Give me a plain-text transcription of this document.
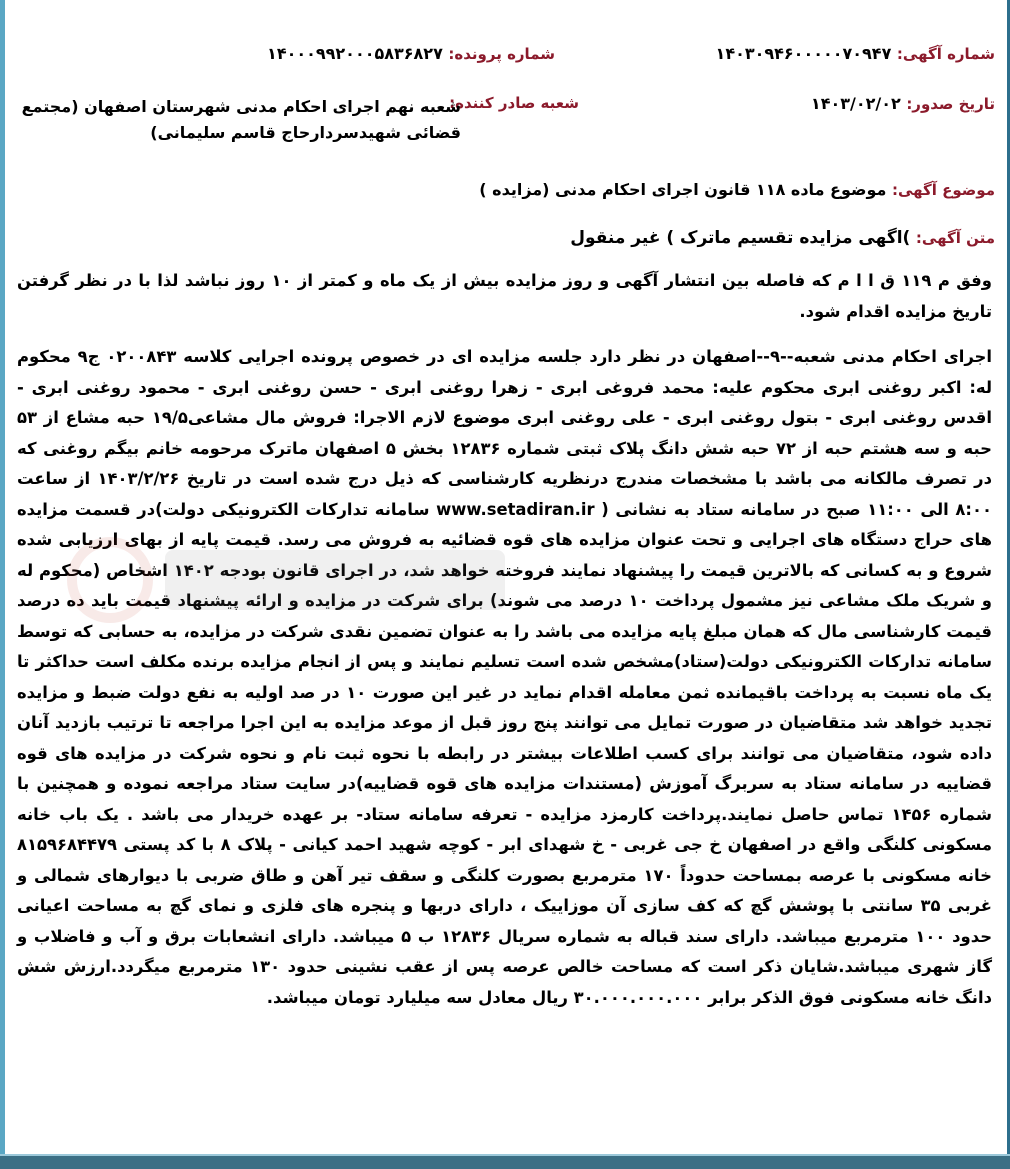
شماره آگهی: ۱۴۰۳۰۹۴۶۰۰۰۰۰۷۰۹۴۷
شماره پرونده: ۱۴۰۰۰۹۹۲۰۰۰۵۸۳۶۸۲۷
تاریخ صدور: ۱۴۰۳/۰۲/۰۲
شعبه صادر کننده:
شعبه نهم اجرای احکام مدنی شهرستان اصفهان (مجتمع
قضائی شهیدسردارحاج قاسم سلیمانی)
موضوع آگهی: موضوع ماده ۱۱۸ قانون اجرای احکام مدنی (مزایده )
متن آگهی: )اگهی مزایده تقسیم ماترک ) غیر منقول
وفق م ۱۱۹ ق ا ا م که فاصله بین انتشار آگهی و روز مزایده بیش از یک ماه و کمتر از ۱۰ روز نباشد لذا با در نظر گرفتن تاریخ مزایده اقدام شود.
اجرای احکام مدنی شعبه--۹--اصفهان در نظر دارد جلسه مزایده ای در خصوص پرونده اجرایی کلاسه ۰۲۰۰۸۴۳ ج۹ محکوم له: اکبر روغنی ابری محکوم علیه: محمد فروغی ابری - زهرا روغنی ابری - حسن روغنی ابری - محمود روغنی ابری - اقدس روغنی ابری - بتول روغنی ابری - علی روغنی ابری موضوع لازم الاجرا: فروش مال مشاعی۱۹/۵ حبه مشاع از ۵۳ حبه و سه هشتم حبه از ۷۲ حبه شش دانگ پلاک ثبتی شماره ۱۲۸۳۶ بخش ۵ اصفهان ماترک مرحومه خانم بیگم روغنی که در تصرف مالکانه می باشد با مشخصات مندرج درنظریه کارشناسی که ذیل درج شده است در تاریخ ۱۴۰۳/۲/۲۶ از ساعت ۸:۰۰ الی ۱۱:۰۰ صبح در سامانه ستاد به نشانی ( www.setadiran.ir سامانه تدارکات الکترونیکی دولت)در قسمت مزایده های حراج دستگاه های اجرایی و تحت عنوان مزایده های قوه قضائیه به فروش می رسد. قیمت پایه از بهای ارزیابی شده شروع و به کسانی که بالاترین قیمت را پیشنهاد نمایند فروخته خواهد شد، در اجرای قانون بودجه ۱۴۰۲ اشخاص (محکوم له و شریک ملک مشاعی نیز مشمول پرداخت ۱۰ درصد می شوند) برای شرکت در مزایده و ارائه پیشنهاد قیمت باید ده درصد قیمت کارشناسی مال که همان مبلغ پایه مزایده می باشد را به عنوان تضمین نقدی شرکت در مزایده، به حسابی که توسط سامانه تدارکات الکترونیکی دولت(ستاد)مشخص شده است تسلیم نمایند و پس از انجام مزایده برنده مکلف است حداکثر تا یک ماه نسبت به پرداخت باقیمانده ثمن معامله اقدام نماید در غیر این صورت ۱۰ در صد اولیه به نفع دولت ضبط و مزایده تجدید خواهد شد متقاضیان در صورت تمایل می توانند پنج روز قبل از موعد مزایده به این اجرا مراجعه تا ترتیب بازدید آنان داده شود، متقاضیان می توانند برای کسب اطلاعات بیشتر در رابطه با نحوه ثبت نام و نحوه شرکت در مزایده های قوه قضاییه در سامانه ستاد به سربرگ آموزش (مستندات مزایده های قوه قضاییه)در سایت ستاد مراجعه نموده و همچنین با شماره ۱۴۵۶ تماس حاصل نمایند.پرداخت کارمزد مزایده - تعرفه سامانه ستاد- بر عهده خریدار می باشد . یک باب خانه مسکونی کلنگی واقع در اصفهان خ جی غربی - خ شهدای ابر - کوچه شهید احمد کیانی - پلاک ۸ با کد پستی ۸۱۵۹۶۸۴۴۷۹ خانه مسکونی با عرصه بمساحت حدوداً ۱۷۰ مترمربع بصورت کلنگی و سقف تیر آهن و طاق ضربی با دیوارهای شمالی و غربی ۳۵ سانتی با پوشش گچ که کف سازی آن موزاییک ، دارای دربها و پنجره های فلزی و نمای گچ به مساحت اعیانی حدود ۱۰۰ مترمربع میباشد. دارای سند قباله به شماره سریال ۱۲۸۳۶ ب ۵ میباشد. دارای انشعابات برق و آب و فاضلاب و گاز شهری میباشد.شایان ذکر است که مساحت خالص عرصه پس از عقب نشینی حدود ۱۳۰ مترمربع میگردد.ارزش شش دانگ خانه مسکونی فوق الذکر برابر ۳۰.۰۰۰.۰۰۰.۰۰۰ ریال معادل سه میلیارد تومان میباشد.
